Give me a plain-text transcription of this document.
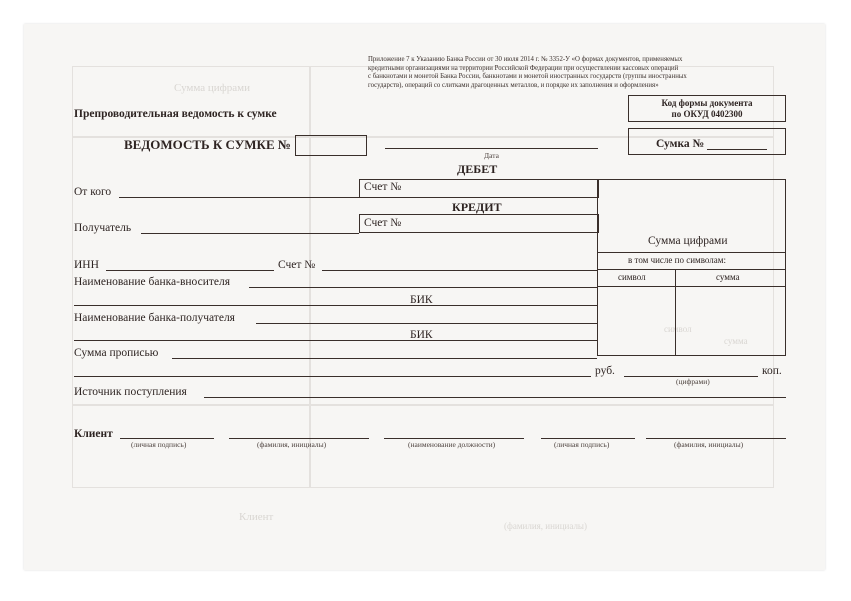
Сумма цифрами
Клиент
(фамилия, инициалы)
символ
сумма
Приложение 7 к Указанию Банка России от 30 июля 2014 г. № 3352-У «О формах документов, применяемых
кредитными организациями на территории Российской Федерации при осуществлении кассовых операций
с банкнотами и монетой Банка России, банкнотами и монетой иностранных государств (группы иностранных
государств), операций со слитками драгоценных металлов, и порядке их заполнения и оформления»
Код формы документа
по ОКУД 0402300
Препроводительная ведомость к сумке
ВЕДОМОСТЬ К СУМКЕ №
Дата
Сумка №
ДЕБЕТ
От кого
Сумма цифрами
в том числе по символам:
символ	сумма
Счет №
КРЕДИТ
Счет №
Получатель
ИНН	Счет №
Наименование банка-вносителя
БИК
Наименование банка-получателя
БИК
Сумма прописью
руб.	коп.
(цифрами)
Источник поступления
Клиент
(личная подпись)	(фамилия, инициалы)	(наименование должности)	(личная подпись)	(фамилия, инициалы)
